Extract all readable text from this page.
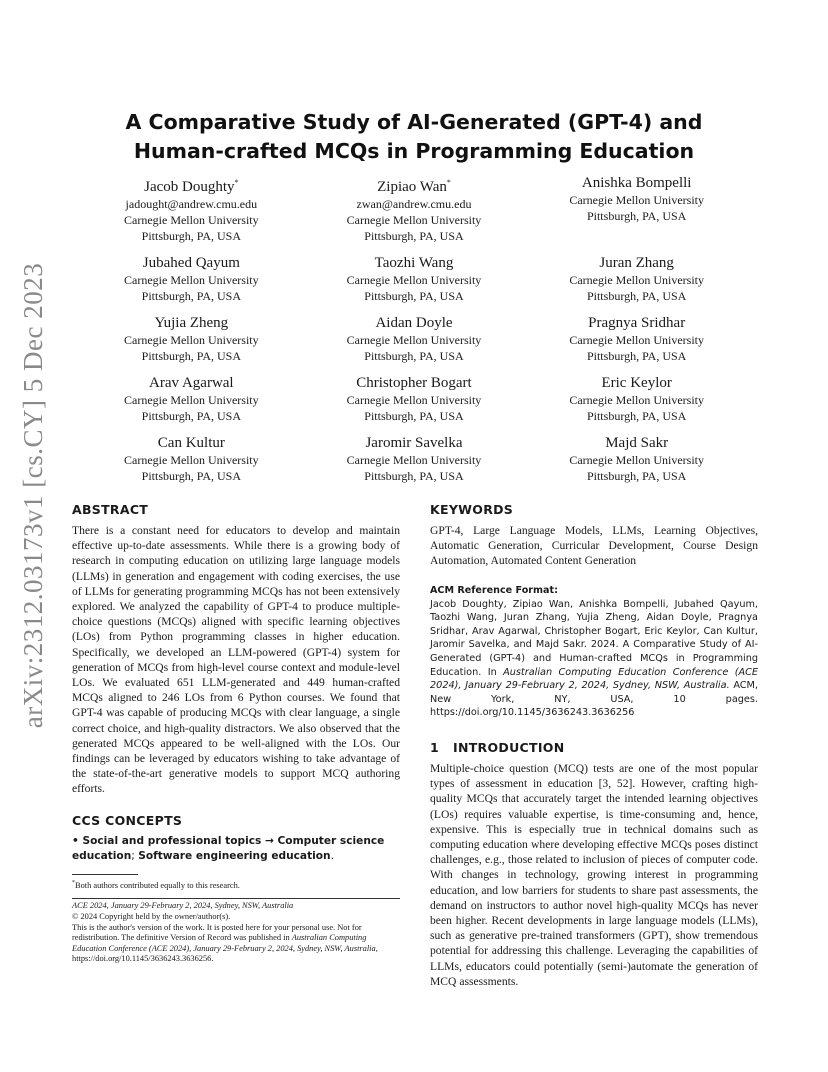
arXiv:2312.03173v1 [cs.CY] 5 Dec 2023
A Comparative Study of AI-Generated (GPT-4) and
Human-crafted MCQs in Programming Education
Jacob Doughty*
jadought@andrew.cmu.edu
Carnegie Mellon University
Pittsburgh, PA, USA
Zipiao Wan*
zwan@andrew.cmu.edu
Carnegie Mellon University
Pittsburgh, PA, USA
Anishka Bompelli
Carnegie Mellon University
Pittsburgh, PA, USA
Jubahed Qayum
Carnegie Mellon University
Pittsburgh, PA, USA
Taozhi Wang
Carnegie Mellon University
Pittsburgh, PA, USA
Juran Zhang
Carnegie Mellon University
Pittsburgh, PA, USA
Yujia Zheng
Carnegie Mellon University
Pittsburgh, PA, USA
Aidan Doyle
Carnegie Mellon University
Pittsburgh, PA, USA
Pragnya Sridhar
Carnegie Mellon University
Pittsburgh, PA, USA
Arav Agarwal
Carnegie Mellon University
Pittsburgh, PA, USA
Christopher Bogart
Carnegie Mellon University
Pittsburgh, PA, USA
Eric Keylor
Carnegie Mellon University
Pittsburgh, PA, USA
Can Kultur
Carnegie Mellon University
Pittsburgh, PA, USA
Jaromir Savelka
Carnegie Mellon University
Pittsburgh, PA, USA
Majd Sakr
Carnegie Mellon University
Pittsburgh, PA, USA
ABSTRACT

There is a constant need for educators to develop and maintain effective up-to-date assessments. While there is a growing body of research in computing education on utilizing large language models (LLMs) in generation and engagement with coding exercises, the use of LLMs for generating programming MCQs has not been extensively explored. We analyzed the capability of GPT-4 to produce multiple-choice questions (MCQs) aligned with specific learning objectives (LOs) from Python programming classes in higher education. Specifically, we developed an LLM-powered (GPT-4) system for generation of MCQs from high-level course context and module-level LOs. We evaluated 651 LLM-generated and 449 human-crafted MCQs aligned to 246 LOs from 6 Python courses. We found that GPT-4 was capable of producing MCQs with clear language, a single correct choice, and high-quality distractors. We also observed that the generated MCQs appeared to be well-aligned with the LOs. Our findings can be leveraged by educators wishing to take advantage of the state-of-the-art generative models to support MCQ authoring efforts.

CCS CONCEPTS

• Social and professional topics → Computer science education; Software engineering education.

*Both authors contributed equally to this research.

ACE 2024, January 29-February 2, 2024, Sydney, NSW, Australia

© 2024 Copyright held by the owner/author(s).

This is the author's version of the work. It is posted here for your personal use. Not for redistribution. The definitive Version of Record was published in Australian Computing Education Conference (ACE 2024), January 29-February 2, 2024, Sydney, NSW, Australia, https://doi.org/10.1145/3636243.3636256.

KEYWORDS

GPT-4, Large Language Models, LLMs, Learning Objectives, Automatic Generation, Curricular Development, Course Design Automation, Automated Content Generation

ACM Reference Format:

Jacob Doughty, Zipiao Wan, Anishka Bompelli, Jubahed Qayum, Taozhi Wang, Juran Zhang, Yujia Zheng, Aidan Doyle, Pragnya Sridhar, Arav Agarwal, Christopher Bogart, Eric Keylor, Can Kultur, Jaromir Savelka, and Majd Sakr. 2024. A Comparative Study of AI-Generated (GPT-4) and Human-crafted MCQs in Programming Education. In Australian Computing Education Conference (ACE 2024), January 29-February 2, 2024, Sydney, NSW, Australia. ACM, New York, NY, USA, 10 pages. https://doi.org/10.1145/3636243.3636256

1 INTRODUCTION

Multiple-choice question (MCQ) tests are one of the most popular types of assessment in education [3, 52]. However, crafting high-quality MCQs that accurately target the intended learning objectives (LOs) requires valuable expertise, is time-consuming and, hence, expensive. This is especially true in technical domains such as computing education where developing effective MCQs poses distinct challenges, e.g., those related to inclusion of pieces of computer code. With changes in technology, growing interest in programming education, and low barriers for students to share past assessments, the demand on instructors to author novel high-quality MCQs has never been higher. Recent developments in large language models (LLMs), such as generative pre-trained transformers (GPT), show tremendous potential for addressing this challenge. Leveraging the capabilities of LLMs, educators could potentially (semi-)automate the generation of MCQ assessments.
